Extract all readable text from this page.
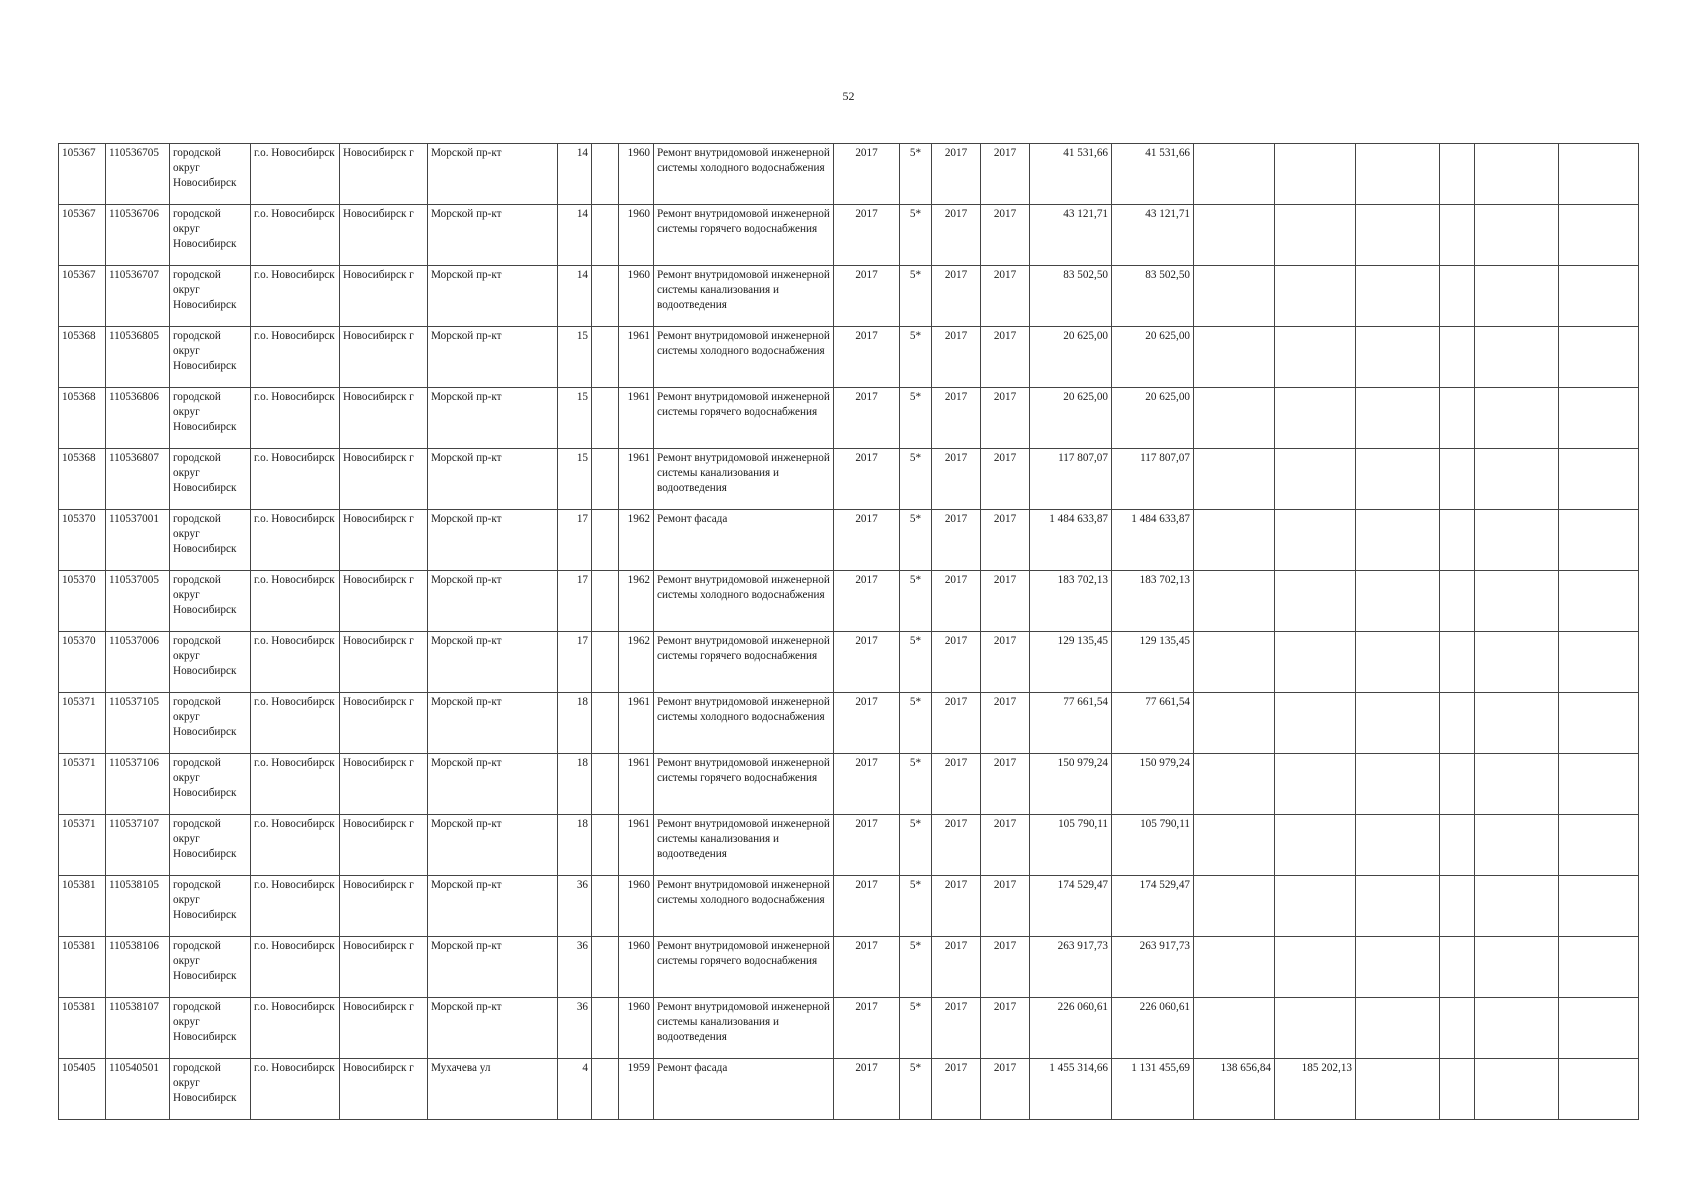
52
105367	110536705	городской округ Новосибирск	г.о. Новосибирск	Новосибирск г	Морской пр-кт	14		1960	Ремонт внутридомовой инженерной системы холодного водоснабжения	2017	5*	2017	2017	41 531,66	41 531,66						
105367	110536706	городской округ Новосибирск	г.о. Новосибирск	Новосибирск г	Морской пр-кт	14		1960	Ремонт внутридомовой инженерной системы горячего водоснабжения	2017	5*	2017	2017	43 121,71	43 121,71						
105367	110536707	городской округ Новосибирск	г.о. Новосибирск	Новосибирск г	Морской пр-кт	14		1960	Ремонт внутридомовой инженерной системы канализования и водоотведения	2017	5*	2017	2017	83 502,50	83 502,50						
105368	110536805	городской округ Новосибирск	г.о. Новосибирск	Новосибирск г	Морской пр-кт	15		1961	Ремонт внутридомовой инженерной системы холодного водоснабжения	2017	5*	2017	2017	20 625,00	20 625,00						
105368	110536806	городской округ Новосибирск	г.о. Новосибирск	Новосибирск г	Морской пр-кт	15		1961	Ремонт внутридомовой инженерной системы горячего водоснабжения	2017	5*	2017	2017	20 625,00	20 625,00						
105368	110536807	городской округ Новосибирск	г.о. Новосибирск	Новосибирск г	Морской пр-кт	15		1961	Ремонт внутридомовой инженерной системы канализования и водоотведения	2017	5*	2017	2017	117 807,07	117 807,07						
105370	110537001	городской округ Новосибирск	г.о. Новосибирск	Новосибирск г	Морской пр-кт	17		1962	Ремонт фасада	2017	5*	2017	2017	1 484 633,87	1 484 633,87						
105370	110537005	городской округ Новосибирск	г.о. Новосибирск	Новосибирск г	Морской пр-кт	17		1962	Ремонт внутридомовой инженерной системы холодного водоснабжения	2017	5*	2017	2017	183 702,13	183 702,13						
105370	110537006	городской округ Новосибирск	г.о. Новосибирск	Новосибирск г	Морской пр-кт	17		1962	Ремонт внутридомовой инженерной системы горячего водоснабжения	2017	5*	2017	2017	129 135,45	129 135,45						
105371	110537105	городской округ Новосибирск	г.о. Новосибирск	Новосибирск г	Морской пр-кт	18		1961	Ремонт внутридомовой инженерной системы холодного водоснабжения	2017	5*	2017	2017	77 661,54	77 661,54						
105371	110537106	городской округ Новосибирск	г.о. Новосибирск	Новосибирск г	Морской пр-кт	18		1961	Ремонт внутридомовой инженерной системы горячего водоснабжения	2017	5*	2017	2017	150 979,24	150 979,24						
105371	110537107	городской округ Новосибирск	г.о. Новосибирск	Новосибирск г	Морской пр-кт	18		1961	Ремонт внутридомовой инженерной системы канализования и водоотведения	2017	5*	2017	2017	105 790,11	105 790,11						
105381	110538105	городской округ Новосибирск	г.о. Новосибирск	Новосибирск г	Морской пр-кт	36		1960	Ремонт внутридомовой инженерной системы холодного водоснабжения	2017	5*	2017	2017	174 529,47	174 529,47						
105381	110538106	городской округ Новосибирск	г.о. Новосибирск	Новосибирск г	Морской пр-кт	36		1960	Ремонт внутридомовой инженерной системы горячего водоснабжения	2017	5*	2017	2017	263 917,73	263 917,73						
105381	110538107	городской округ Новосибирск	г.о. Новосибирск	Новосибирск г	Морской пр-кт	36		1960	Ремонт внутридомовой инженерной системы канализования и водоотведения	2017	5*	2017	2017	226 060,61	226 060,61						
105405	110540501	городской округ Новосибирск	г.о. Новосибирск	Новосибирск г	Мухачева ул	4		1959	Ремонт фасада	2017	5*	2017	2017	1 455 314,66	1 131 455,69	138 656,84	185 202,13				
